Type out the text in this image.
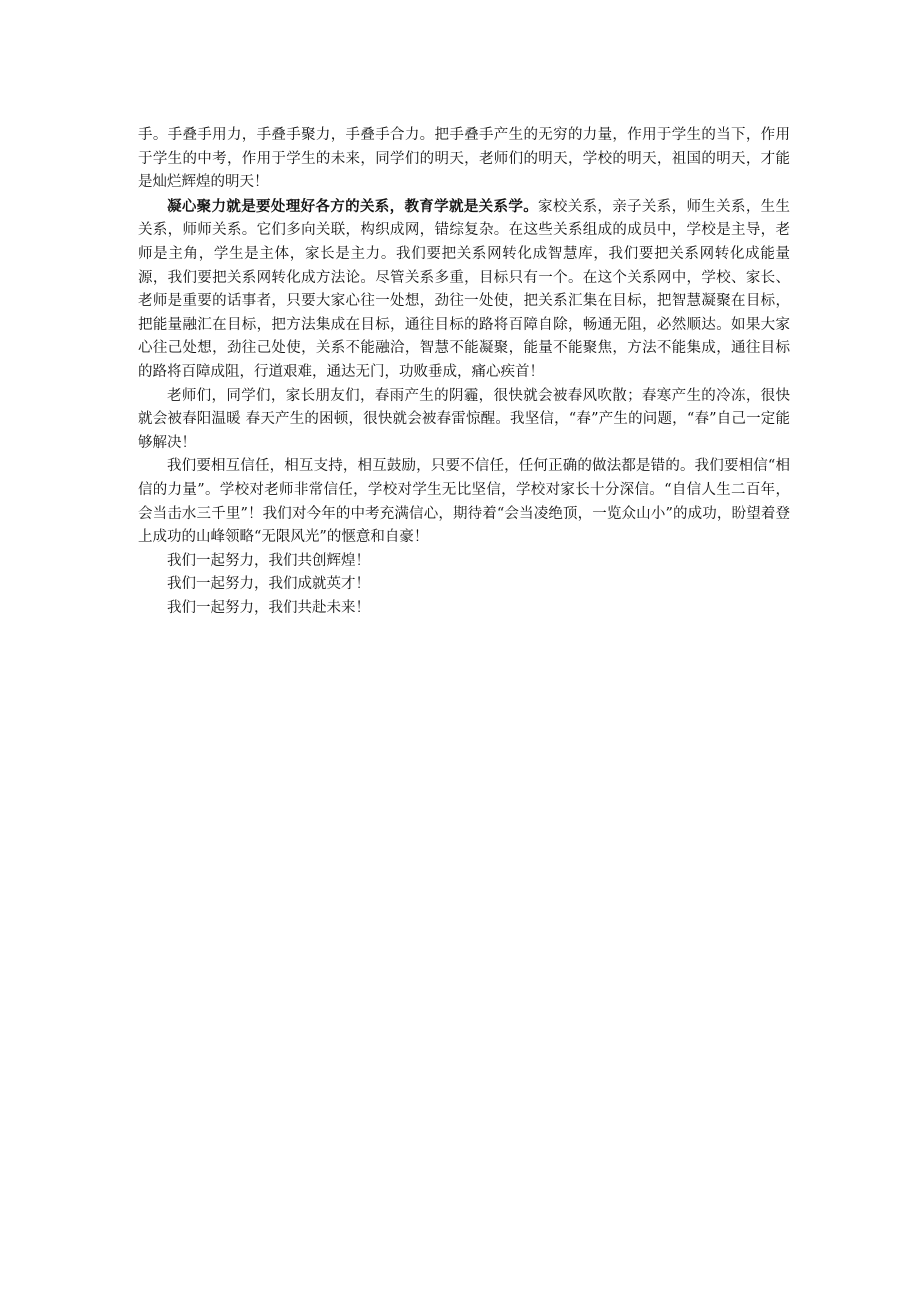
手。手叠手用力，手叠手聚力，手叠手合力。把手叠手产生的无穷的力量，作用于学生的当下，作用于学生的中考，作用于学生的未来，同学们的明天，老师们的明天，学校的明天，祖国的明天，才能是灿烂辉煌的明天！

凝心聚力就是要处理好各方的关系，教育学就是关系学。家校关系，亲子关系，师生关系，生生关系，师师关系。它们多向关联，构织成网，错综复杂。在这些关系组成的成员中，学校是主导，老师是主角，学生是主体，家长是主力。我们要把关系网转化成智慧库，我们要把关系网转化成能量源，我们要把关系网转化成方法论。尽管关系多重，目标只有一个。在这个关系网中，学校、家长、老师是重要的话事者，只要大家心往一处想，劲往一处使，把关系汇集在目标，把智慧凝聚在目标，把能量融汇在目标，把方法集成在目标，通往目标的路将百障自除，畅通无阻，必然顺达。如果大家心往己处想，劲往己处使，关系不能融洽，智慧不能凝聚，能量不能聚焦，方法不能集成，通往目标的路将百障成阻，行道艰难，通达无门，功败垂成，痛心疾首！

老师们，同学们，家长朋友们，春雨产生的阴霾，很快就会被春风吹散；春寒产生的冷冻，很快就会被春阳温暖 春天产生的困顿，很快就会被春雷惊醒。我坚信，“春”产生的问题，“春”自己一定能够解决！

我们要相互信任，相互支持，相互鼓励，只要不信任，任何正确的做法都是错的。我们要相信“相信的力量”。学校对老师非常信任，学校对学生无比坚信，学校对家长十分深信。“自信人生二百年，会当击水三千里”！我们对今年的中考充满信心，期待着“会当凌绝顶，一览众山小”的成功，盼望着登上成功的山峰领略“无限风光”的惬意和自豪！

我们一起努力，我们共创辉煌！

我们一起努力，我们成就英才！

我们一起努力，我们共赴未来！
